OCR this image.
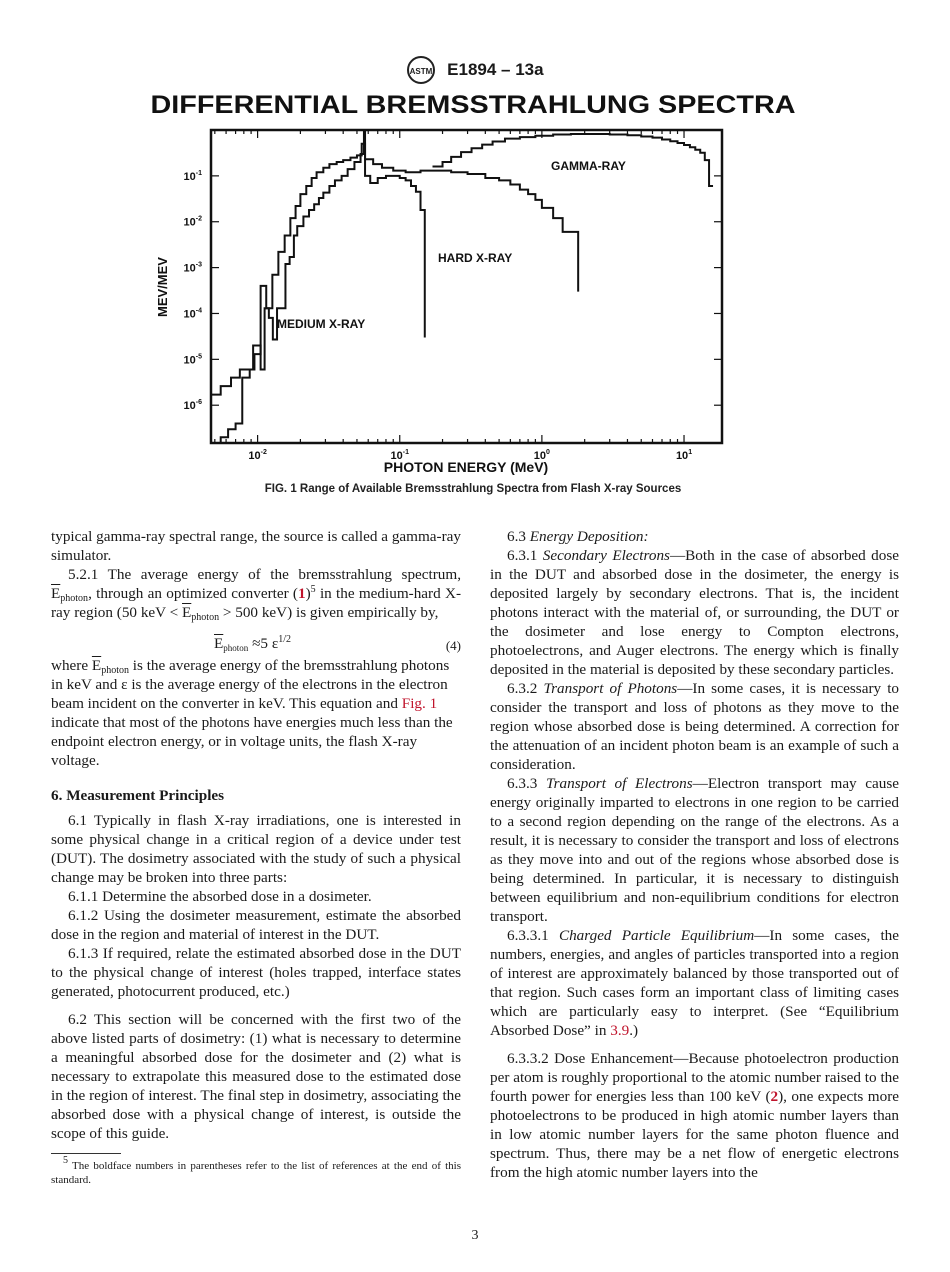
ASTM E1894 – 13a
DIFFERENTIAL BREMSSTRAHLUNG SPECTRA
$10^{-2}$	$10^{-1}$	$10^0$	$10^1$
$10^{-1}$
$10^{-2}$
$10^{-3}$
$10^{-4}$
$10^{-5}$
$10^{-6}$
MEV/MEV
PHOTON ENERGY (MeV)
GAMMA-RAY
HARD X-RAY
MEDIUM X-RAY
FIG. 1 Range of Available Bremsstrahlung Spectra from Flash X-ray Sources

typical gamma-ray spectral range, the source is called a gamma-ray simulator.

5.2.1 The average energy of the bremsstrahlung spectrum, $\overline{E}_{photon}$, through an optimized converter $(1)^5$ in the medium-hard X-ray region (50 keV < $\overline{E}_{photon} > 500$ keV) is given empirically by,

$\overline{E}_{photon} \approx 5$ $\varepsilon^{1/2}$	(4)

where $\overline{E}_{photon}$ is the average energy of the bremsstrahlung photons in keV and ε is the average energy of the electrons in the electron beam incident on the converter in keV. This equation and Fig. 1 indicate that most of the photons have energies much less than the endpoint electron energy, or in voltage units, the flash X-ray voltage.

6. Measurement Principles

6.1 Typically in flash X-ray irradiations, one is interested in some physical change in a critical region of a device under test (DUT). The dosimetry associated with the study of such a physical change may be broken into three parts:

6.1.1 Determine the absorbed dose in a dosimeter.

6.1.2 Using the dosimeter measurement, estimate the absorbed dose in the region and material of interest in the DUT.

6.1.3 If required, relate the estimated absorbed dose in the DUT to the physical change of interest (holes trapped, interface states generated, photocurrent produced, etc.)

6.2 This section will be concerned with the first two of the above listed parts of dosimetry: (1) what is necessary to determine a meaningful absorbed dose for the dosimeter and (2) what is necessary to extrapolate this measured dose to the estimated dose in the region of interest. The final step in dosimetry, associating the absorbed dose with a physical change of interest, is outside the scope of this guide.

$^5$ The boldface numbers in parentheses refer to the list of references at the end of this standard.

6.3 Energy Deposition:

6.3.1 Secondary Electrons—Both in the case of absorbed dose in the DUT and absorbed dose in the dosimeter, the energy is deposited largely by secondary electrons. That is, the incident photons interact with the material of, or surrounding, the DUT or the dosimeter and lose energy to Compton electrons, photoelectrons, and Auger electrons. The energy which is finally deposited in the material is deposited by these secondary particles.

6.3.2 Transport of Photons—In some cases, it is necessary to consider the transport and loss of photons as they move to the region whose absorbed dose is being determined. A correction for the attenuation of an incident photon beam is an example of such a consideration.

6.3.3 Transport of Electrons—Electron transport may cause energy originally imparted to electrons in one region to be carried to a second region depending on the range of the electrons. As a result, it is necessary to consider the transport and loss of electrons as they move into and out of the regions whose absorbed dose is being determined. In particular, it is necessary to distinguish between equilibrium and non-equilibrium conditions for electron transport.

6.3.3.1 Charged Particle Equilibrium—In some cases, the numbers, energies, and angles of particles transported into a region of interest are approximately balanced by those transported out of that region. Such cases form an important class of limiting cases which are particularly easy to interpret. (See “Equilibrium Absorbed Dose” in 3.9.)

6.3.3.2 Dose Enhancement—Because photoelectron production per atom is roughly proportional to the atomic number raised to the fourth power for energies less than 100 keV (2), one expects more photoelectrons to be produced in high atomic number layers than in low atomic number layers for the same photon fluence and spectrum. Thus, there may be a net flow of energetic electrons from the high atomic number layers into the

3
